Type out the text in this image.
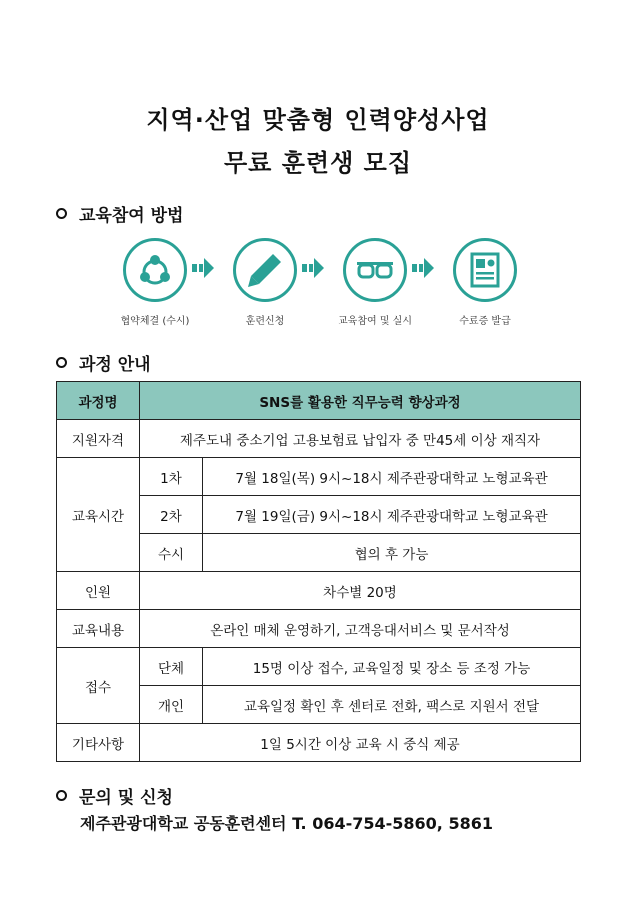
지역·산업 맞춤형 인력양성사업
무료 훈련생 모집
교육참여 방법
협약체결 (수시)	훈련신청	교육참여 및 실시	수료증 발급
과정 안내
과정명	SNS를 활용한 직무능력 향상과정	
지원자격	제주도내 중소기업 고용보험료 납입자 중 만45세 이상 재직자	
교육시간	1차	7월 18일(목) 9시~18시 제주관광대학교 노형교육관
	2차	7월 19일(금) 9시~18시 제주관광대학교 노형교육관
	수시	협의 후 가능
인원	차수별 20명	
교육내용	온라인 매체 운영하기, 고객응대서비스 및 문서작성	
접수	단체	15명 이상 접수, 교육일정 및 장소 등 조정 가능
	개인	교육일정 확인 후 센터로 전화, 팩스로 지원서 전달
기타사항	1일 5시간 이상 교육 시 중식 제공	
문의 및 신청
제주관광대학교 공동훈련센터 T. 064-754-5860, 5861
